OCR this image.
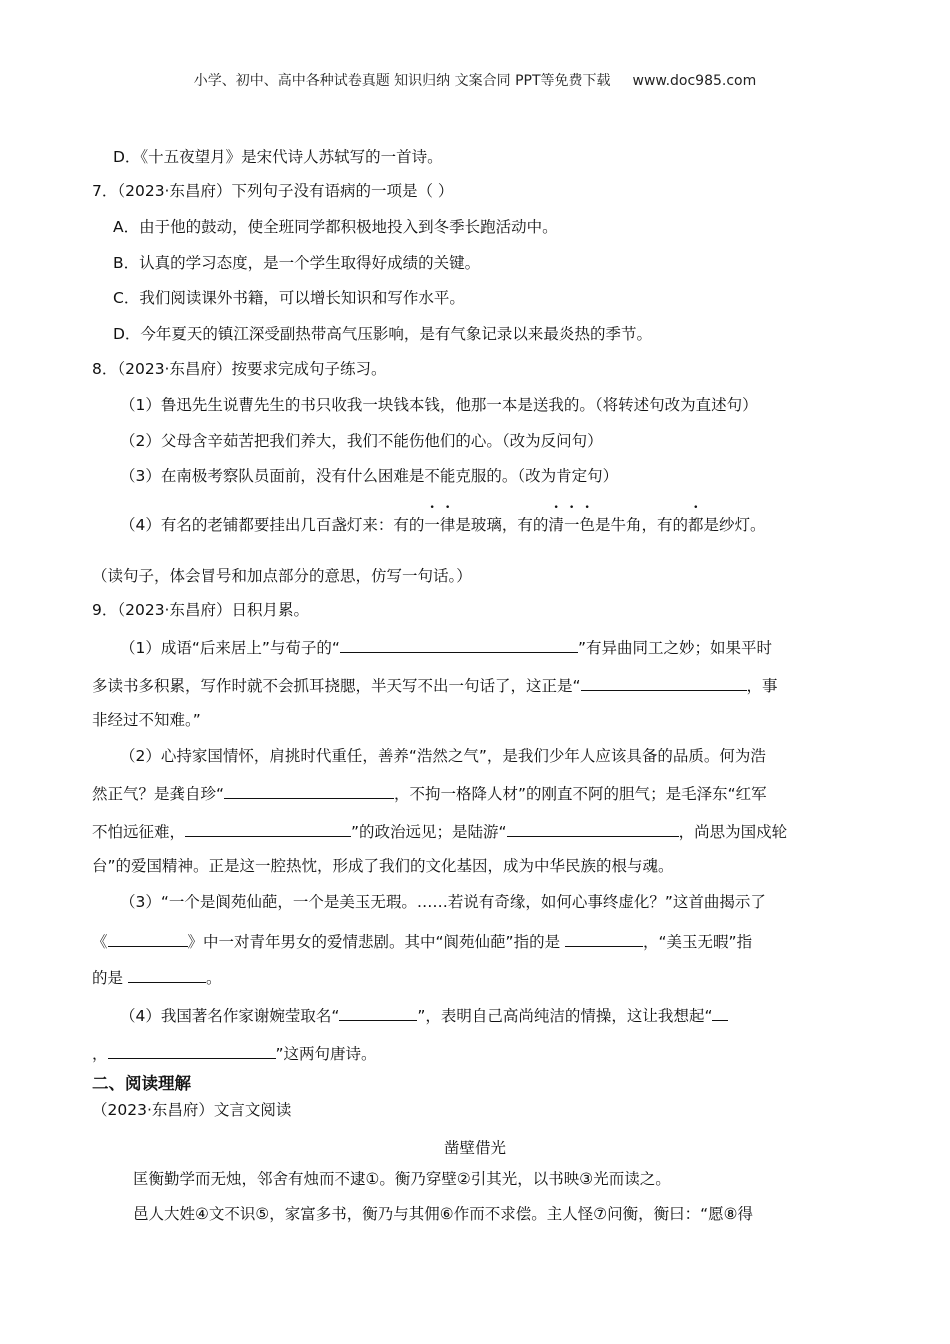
小学、初中、高中各种试卷真题 知识归纳 文案合同 PPT等免费下载 www.doc985.com
D．《十五夜望月》是宋代诗人苏轼写的一首诗。
7．（2023·东昌府）下列句子没有语病的一项是（ ）
A．由于他的鼓动，使全班同学都积极地投入到冬季长跑活动中。
B．认真的学习态度，是一个学生取得好成绩的关键。
C．我们阅读课外书籍，可以增长知识和写作水平。
D．今年夏天的镇江深受副热带高气压影响，是有气象记录以来最炎热的季节。
8．（2023·东昌府）按要求完成句子练习。
（1）鲁迅先生说曹先生的书只收我一块钱本钱，他那一本是送我的。（将转述句改为直述句）
（2）父母含辛茹苦把我们养大，我们不能伤他们的心。（改为反问句）
（3）在南极考察队员面前，没有什么困难是不能克服的。（改为肯定句）
（4）有名的老铺都要挂出几百盏灯来：有的一律是玻璃，有的清一色是牛角，有的都是纱灯。
（读句子，体会冒号和加点部分的意思，仿写一句话。）
9．（2023·东昌府）日积月累。
（1）成语“后来居上”与荀子的“	”有异曲同工之妙；如果平时
多读书多积累，写作时就不会抓耳挠腮，半天写不出一句话了，这正是“	，事
非经过不知难。”
（2）心持家国情怀，肩挑时代重任，善养“浩然之气”，是我们少年人应该具备的品质。何为浩
然正气？是龚自珍“	，不拘一格降人材”的刚直不阿的胆气；是毛泽东“红军
不怕远征难，	”的政治远见；是陆游“	，尚思为国戍轮
台”的爱国精神。正是这一腔热忱，形成了我们的文化基因，成为中华民族的根与魂。
（3）“一个是阆苑仙葩，一个是美玉无瑕。……若说有奇缘，如何心事终虚化？”这首曲揭示了
《	》中一对青年男女的爱情悲剧。其中“阆苑仙葩”指的是	，“美玉无暇”指
的是	。
（4）我国著名作家谢婉莹取名“	”，表明自己高尚纯洁的情操，这让我想起“
，	”这两句唐诗。
二、阅读理解
（2023·东昌府）文言文阅读
凿壁借光
匡衡勤学而无烛，邻舍有烛而不逮①。衡乃穿壁②引其光，以书映③光而读之。
邑人大姓④文不识⑤，家富多书，衡乃与其佣⑥作而不求偿。主人怪⑦问衡，衡曰：“愿⑧得
